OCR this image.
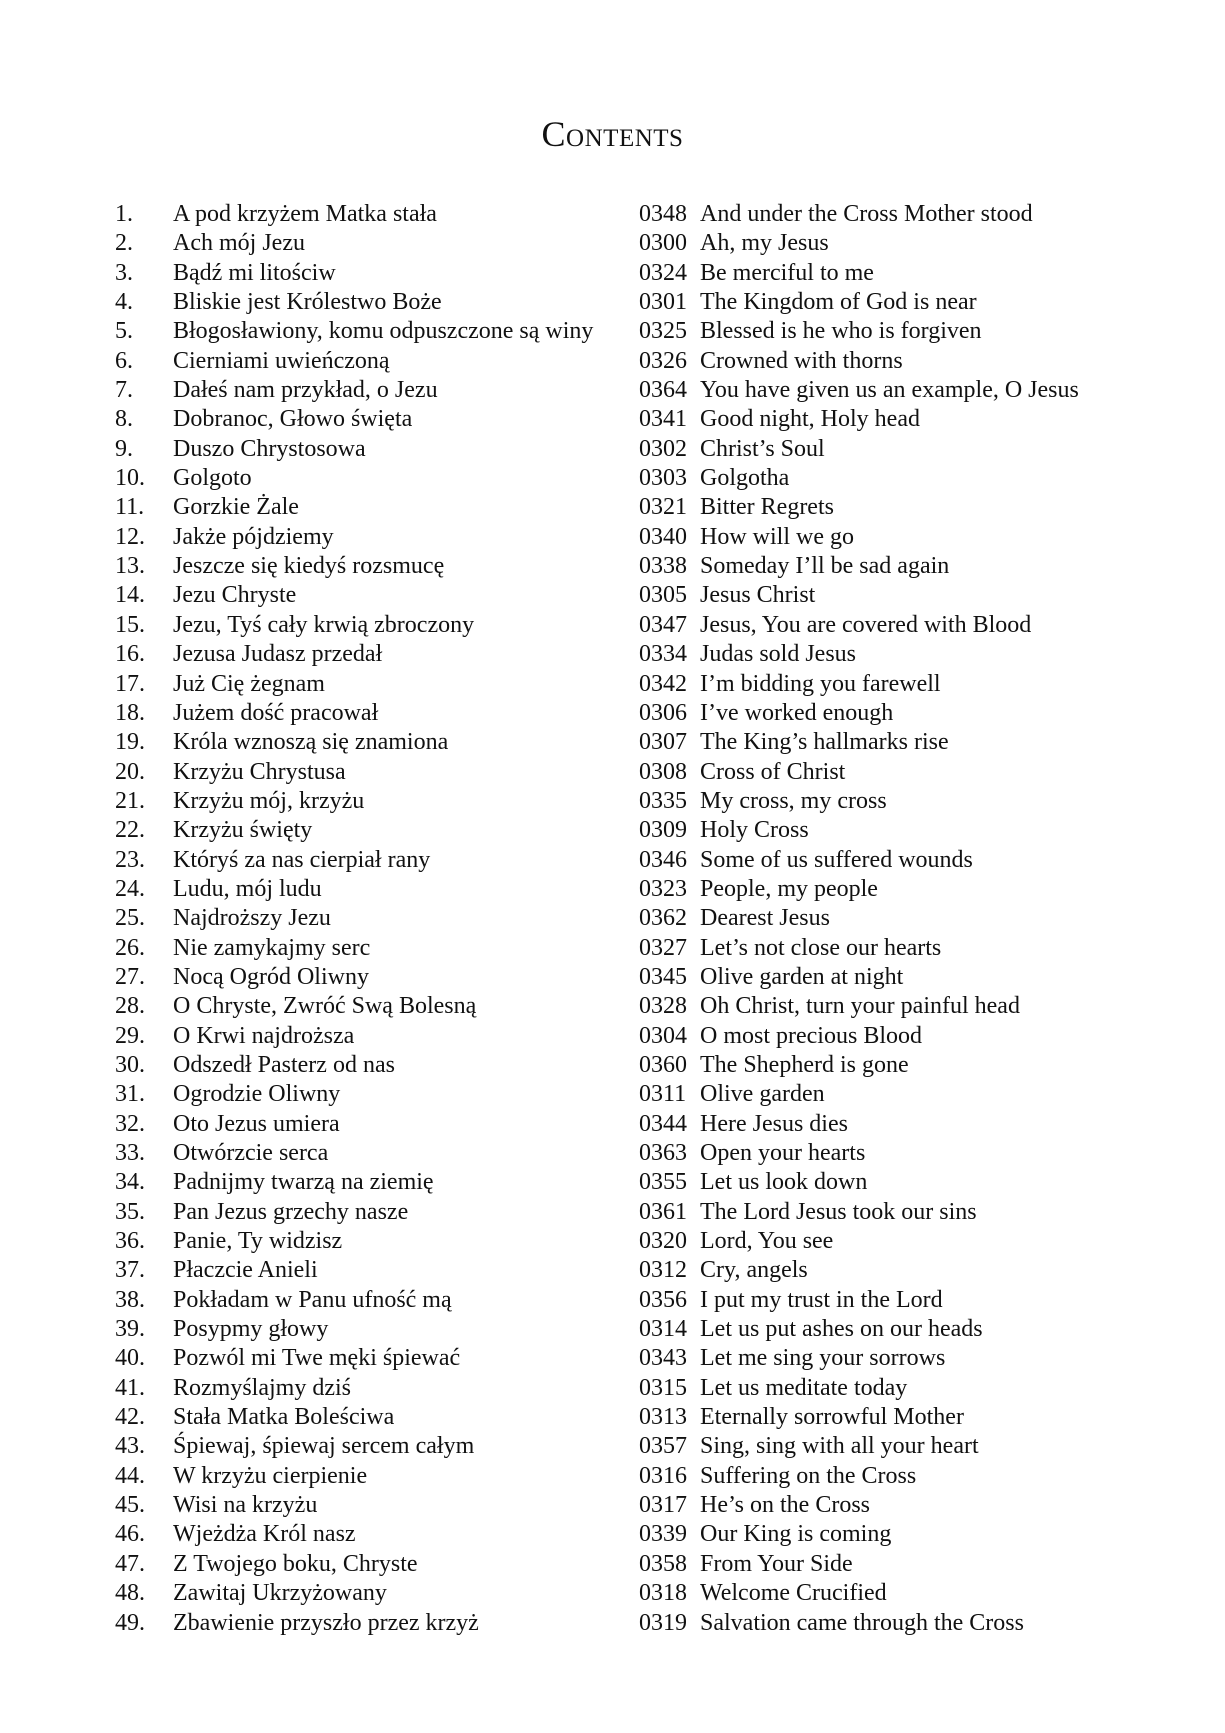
Contents
1.	A pod krzyżem Matka stała	0348 And under the Cross Mother stood
2.	Ach mój Jezu	0300 Ah, my Jesus
3.	Bądź mi litościw	0324 Be merciful to me
4.	Bliskie jest Królestwo Boże	0301 The Kingdom of God is near
5.	Błogosławiony, komu odpuszczone są winy 0325 Blessed is he who is forgiven
6.	Cierniami uwieńczoną	0326 Crowned with thorns
7.	Dałeś nam przykład, o Jezu	0364 You have given us an example, O Jesus
8.	Dobranoc, Głowo święta	0341 Good night, Holy head
9.	Duszo Chrystosowa	0302 Christ’s Soul
10.	Golgoto	0303 Golgotha
11.	Gorzkie Żale	0321 Bitter Regrets
12.	Jakże pójdziemy	0340 How will we go
13.	Jeszcze się kiedyś rozsmucę	0338 Someday I’ll be sad again
14.	Jezu Chryste	0305 Jesus Christ
15.	Jezu, Tyś cały krwią zbroczony	0347 Jesus, You are covered with Blood
16.	Jezusa Judasz przedał	0334 Judas sold Jesus
17.	Już Cię żegnam	0342 I’m bidding you farewell
18.	Jużem dość pracował	0306 I’ve worked enough
19.	Króla wznoszą się znamiona	0307 The King’s hallmarks rise
20.	Krzyżu Chrystusa	0308 Cross of Christ
21.	Krzyżu mój, krzyżu	0335 My cross, my cross
22.	Krzyżu święty	0309 Holy Cross
23.	Któryś za nas cierpiał rany	0346 Some of us suffered wounds
24.	Ludu, mój ludu	0323 People, my people
25.	Najdroższy Jezu	0362 Dearest Jesus
26.	Nie zamykajmy serc	0327 Let’s not close our hearts
27.	Nocą Ogród Oliwny	0345 Olive garden at night
28.	O Chryste, Zwróć Swą Bolesną	0328 Oh Christ, turn your painful head
29.	O Krwi najdroższa	0304 O most precious Blood
30.	Odszedł Pasterz od nas	0360 The Shepherd is gone
31.	Ogrodzie Oliwny	0311 Olive garden
32.	Oto Jezus umiera	0344 Here Jesus dies
33.	Otwórzcie serca	0363 Open your hearts
34.	Padnijmy twarzą na ziemię	0355 Let us look down
35.	Pan Jezus grzechy nasze	0361 The Lord Jesus took our sins
36.	Panie, Ty widzisz	0320 Lord, You see
37.	Płaczcie Anieli	0312 Cry, angels
38.	Pokładam w Panu ufność mą	0356 I put my trust in the Lord
39.	Posypmy głowy	0314 Let us put ashes on our heads
40.	Pozwól mi Twe męki śpiewać	0343 Let me sing your sorrows
41.	Rozmyślajmy dziś	0315 Let us meditate today
42.	Stała Matka Boleściwa	0313 Eternally sorrowful Mother
43.	Śpiewaj, śpiewaj sercem całym	0357 Sing, sing with all your heart
44.	W krzyżu cierpienie	0316 Suffering on the Cross
45.	Wisi na krzyżu	0317 He’s on the Cross
46.	Wjeżdża Król nasz	0339 Our King is coming
47.	Z Twojego boku, Chryste	0358 From Your Side
48.	Zawitaj Ukrzyżowany	0318 Welcome Crucified
49.	Zbawienie przyszło przez krzyż	0319 Salvation came through the Cross
